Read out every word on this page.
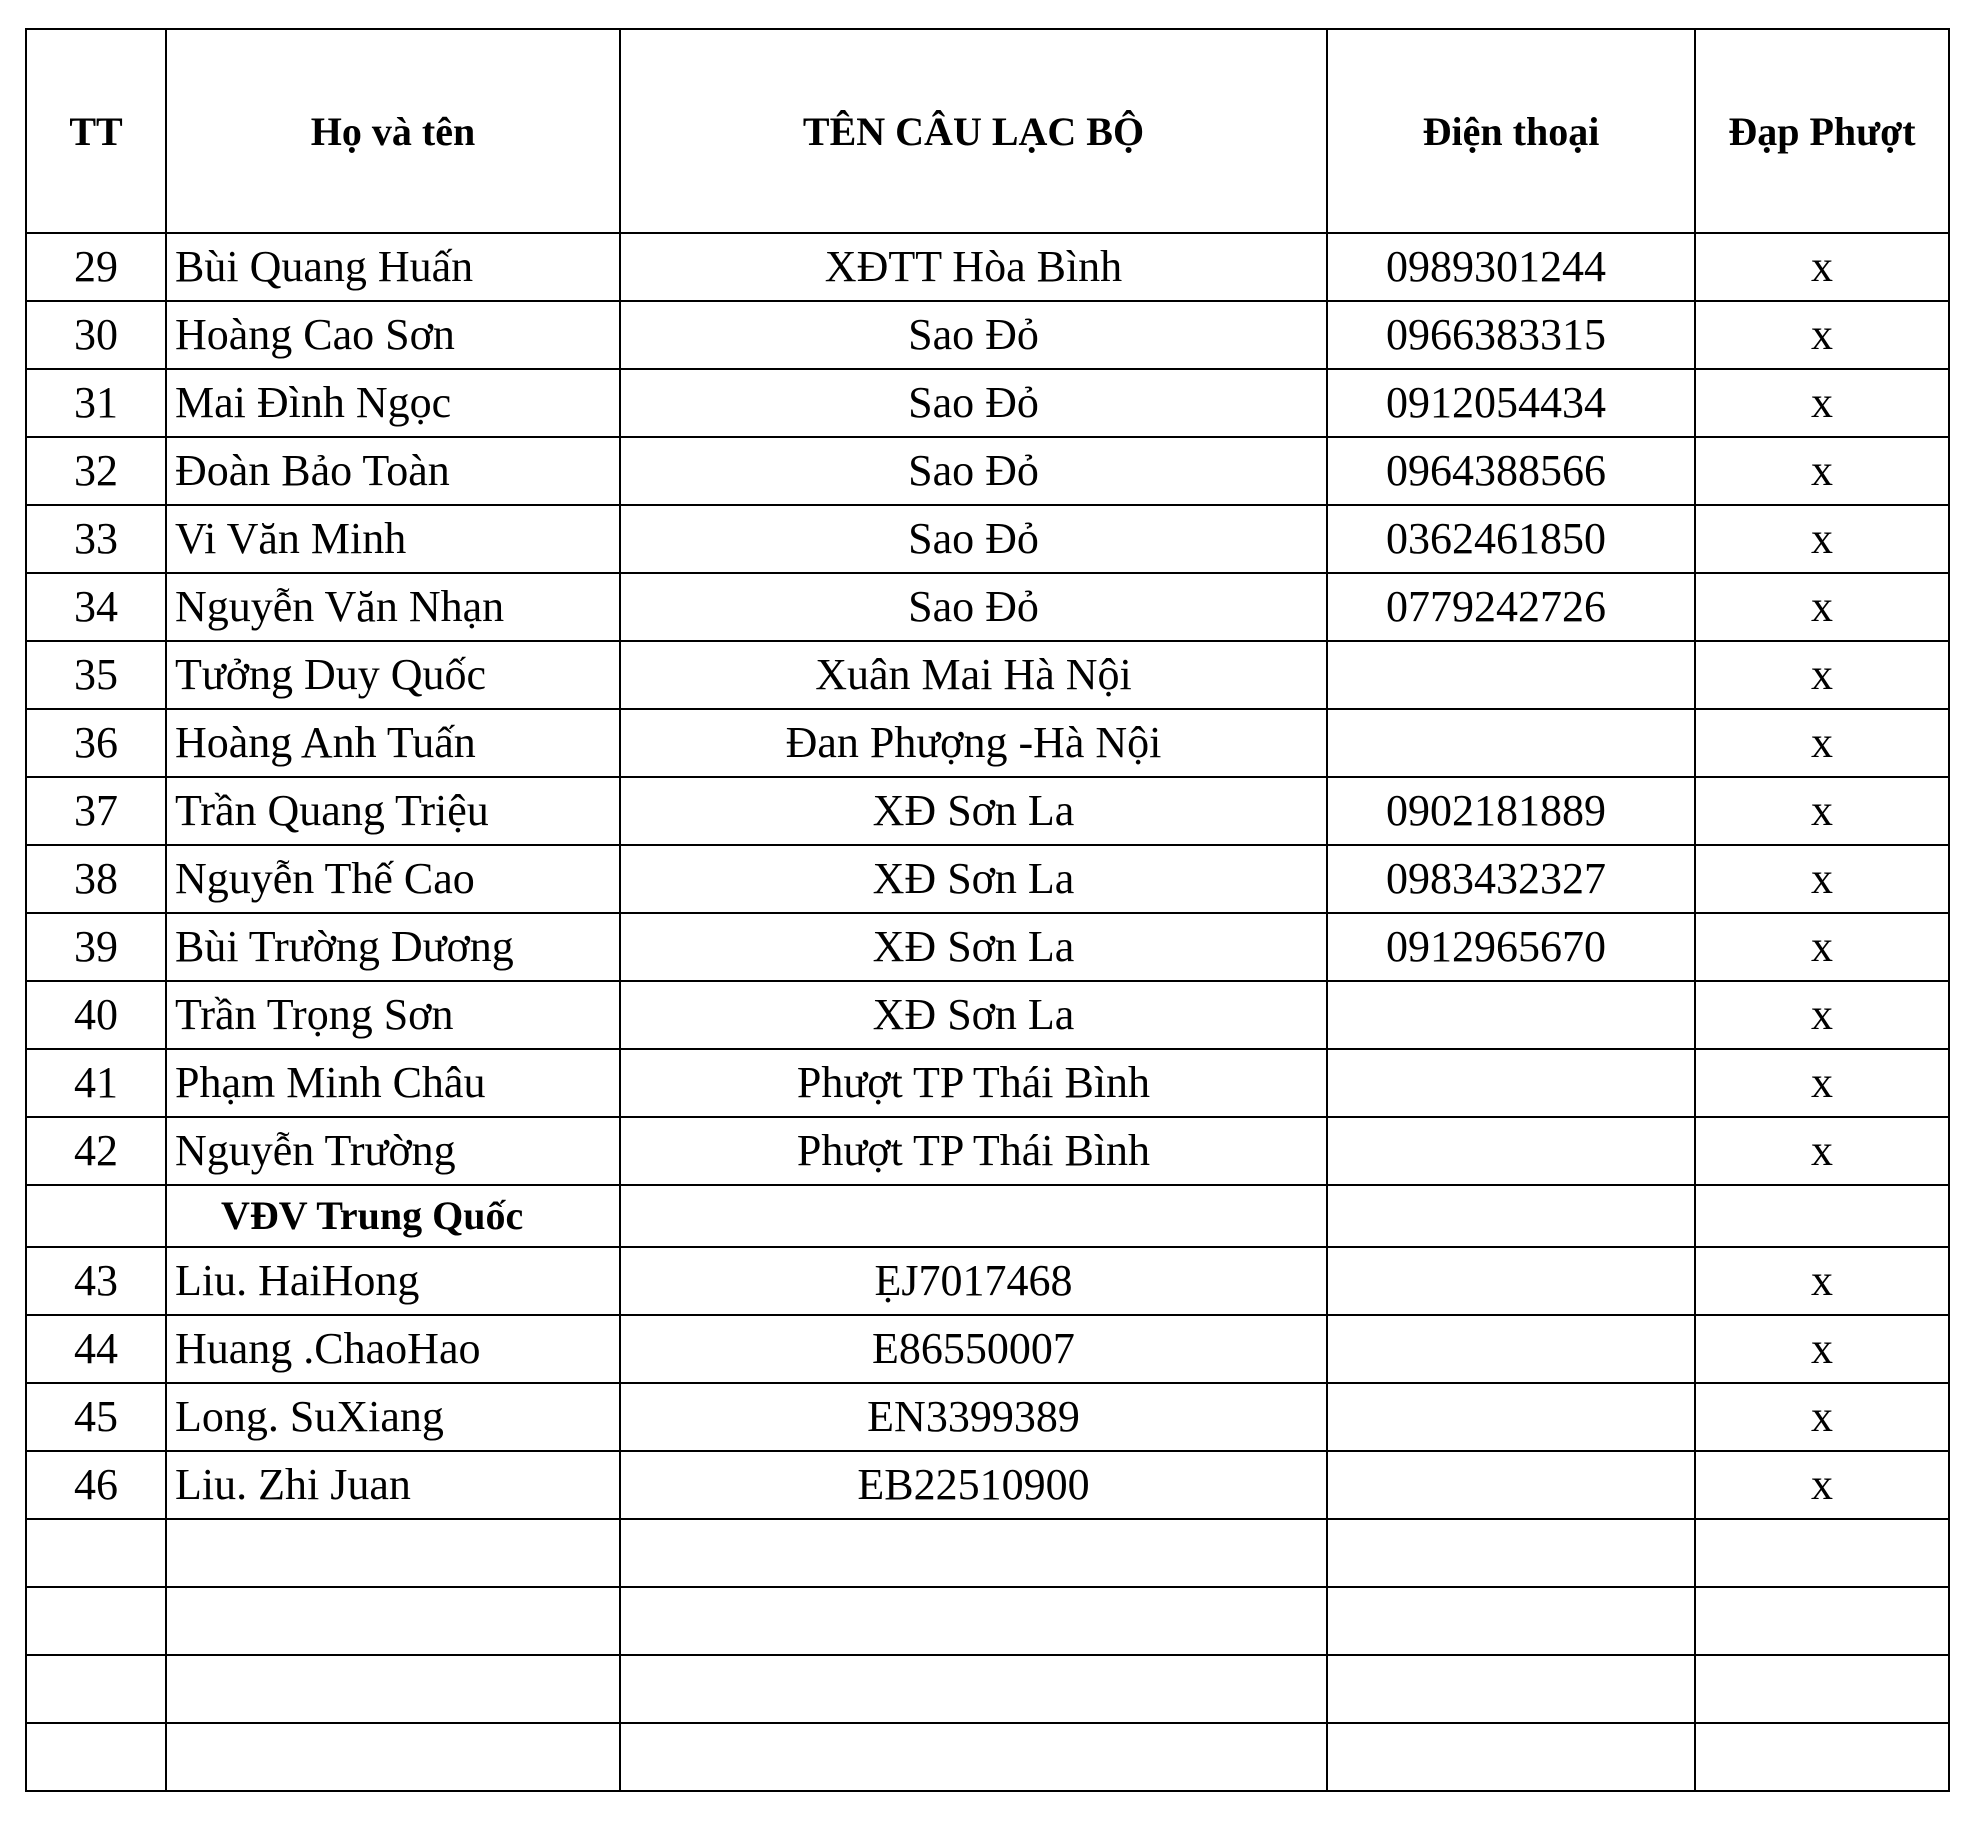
TT	Họ và tên	TÊN CÂU LẠC BỘ	Điện thoại	Đạp Phượt
29	Bùi Quang Huấn	XĐTT Hòa Bình	0989301244	x
30	Hoàng Cao Sơn	Sao Đỏ	0966383315	x
31	Mai Đình Ngọc	Sao Đỏ	0912054434	x
32	Đoàn Bảo Toàn	Sao Đỏ	0964388566	x
33	Vi Văn Minh	Sao Đỏ	0362461850	x
34	Nguyễn Văn Nhạn	Sao Đỏ	0779242726	x
35	Tưởng Duy Quốc	Xuân Mai Hà Nội		x
36	Hoàng Anh Tuấn	Đan Phượng -Hà Nội		x
37	Trần Quang Triệu	XĐ Sơn La	0902181889	x
38	Nguyễn Thế Cao	XĐ Sơn La	0983432327	x
39	Bùi Trường Dương	XĐ Sơn La	0912965670	x
40	Trần Trọng Sơn	XĐ Sơn La		x
41	Phạm Minh Châu	Phượt TP Thái Bình		x
42	Nguyễn Trường	Phượt TP Thái Bình		x
	VĐV Trung Quốc			
43	Liu. HaiHong	ẸJ7017468		x
44	Huang .ChaoHao	E86550007		x
45	Long. SuXiang	EN3399389		x
46	Liu. Zhi Juan	EB22510900		x
